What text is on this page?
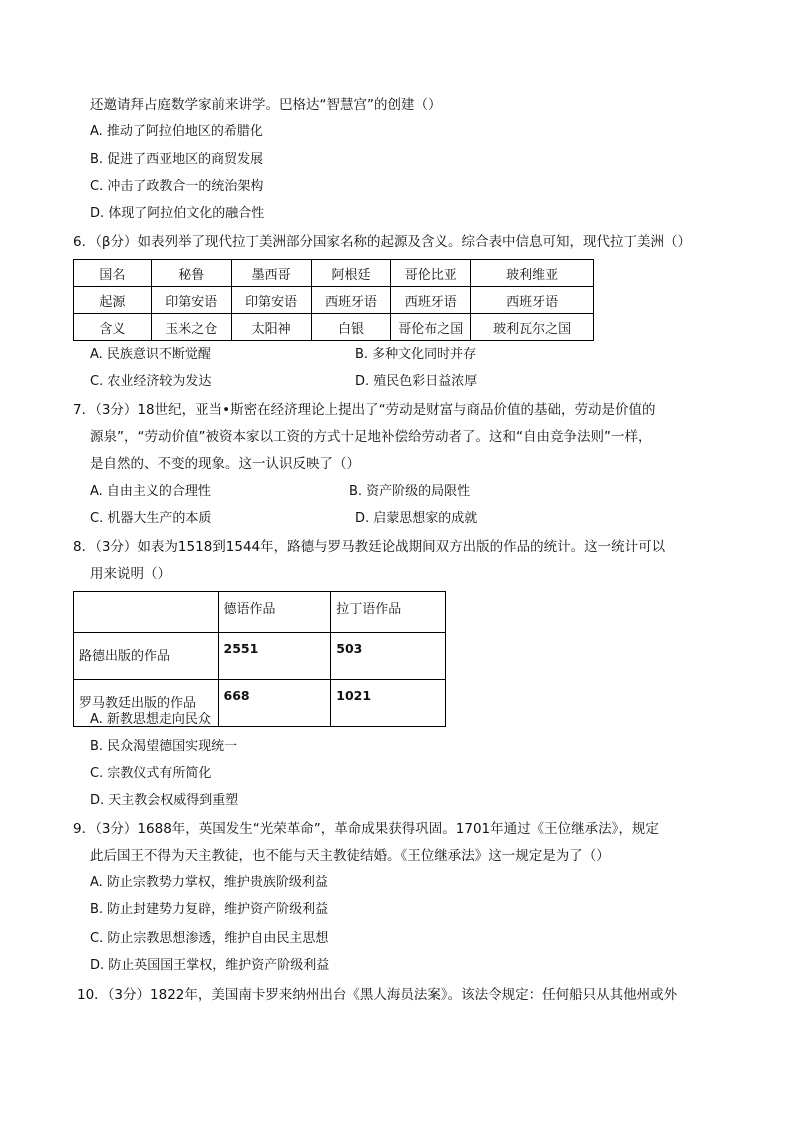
还邀请拜占庭数学家前来讲学。巴格达“智慧宫”的创建（）
A. 推动了阿拉伯地区的希腊化
B. 促进了西亚地区的商贸发展
C. 冲击了政教合一的统治架构
D. 体现了阿拉伯文化的融合性
6．（β分）如表列举了现代拉丁美洲部分国家名称的起源及含义。综合表中信息可知，现代拉丁美洲（）
国名	秘鲁	墨西哥	阿根廷	哥伦比亚	玻利维亚
起源	印第安语	印第安语	西班牙语	西班牙语	西班牙语
含义	玉米之仓	太阳神	白银	哥伦布之国	玻利瓦尔之国
A. 民族意识不断觉醒	B. 多种文化同时并存
C. 农业经济较为发达	D. 殖民色彩日益浓厚
7．（3分）18世纪，亚当•斯密在经济理论上提出了“劳动是财富与商品价值的基础，劳动是价值的
源泉”，“劳动价值”被资本家以工资的方式十足地补偿给劳动者了。这和“自由竞争法则”一样，
是自然的、不变的现象。这一认识反映了（）
A. 自由主义的合理性	B. 资产阶级的局限性
C. 机器大生产的本质	D. 启蒙思想家的成就
8．（3分）如表为1518到1544年，路德与罗马教廷论战期间双方出版的作品的统计。这一统计可以
用来说明（）
	德语作品	拉丁语作品
路德出版的作品	2551	503
罗马教廷出版的作品	668	1021
A. 新教思想走向民众
B. 民众渴望德国实现统一
C. 宗教仪式有所简化
D. 天主教会权威得到重塑
9．（3分）1688年，英国发生“光荣革命”，革命成果获得巩固。1701年通过《王位继承法》，规定
此后国王不得为天主教徒，也不能与天主教徒结婚。《王位继承法》这一规定是为了（）
A. 防止宗教势力掌权，维护贵族阶级利益
B. 防止封建势力复辟，维护资产阶级利益
C. 防止宗教思想渗透，维护自由民主思想
D. 防止英国国王掌权，维护资产阶级利益
10．（3分）1822年，美国南卡罗来纳州出台《黑人海员法案》。该法令规定：任何船只从其他州或外
